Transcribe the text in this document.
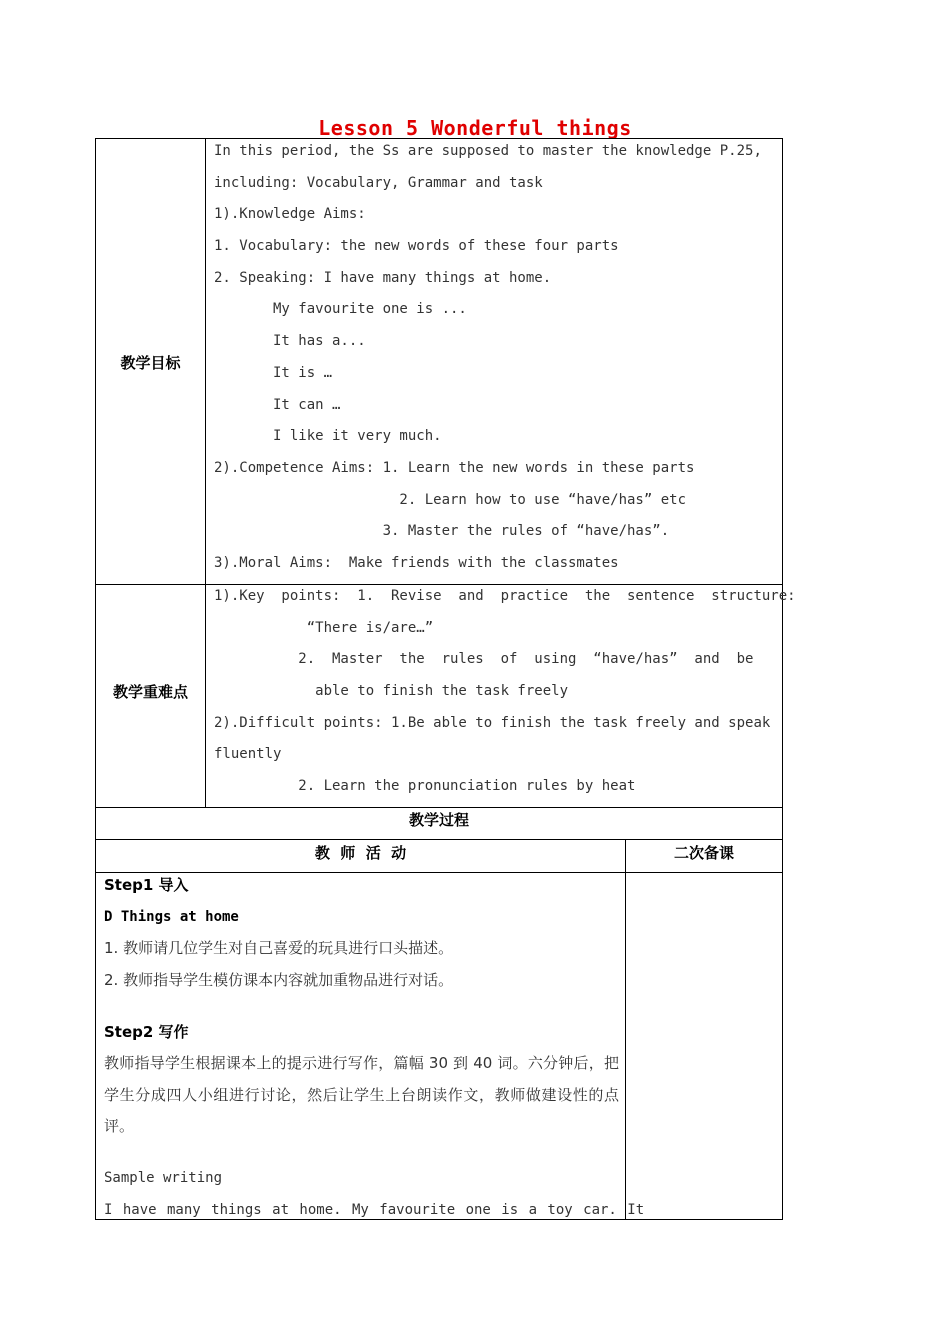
Lesson 5 Wonderful things
教学目标
In this period, the Ss are supposed to master the knowledge P.25,
including: Vocabulary, Grammar and task
1).Knowledge Aims:
1. Vocabulary: the new words of these four parts
2. Speaking: I have many things at home.
My favourite one is ...
It has a...
It is …
It can …
I like it very much.
2).Competence Aims: 1. Learn the new words in these parts
2. Learn how to use “have/has” etc
3. Master the rules of “have/has”.
3).Moral Aims:  Make friends with the classmates
教学重难点
1).Key  points:  1.  Revise  and  practice  the  sentence  structure:
“There is/are…”
2.  Master  the  rules  of  using  “have/has”  and  be
able to finish the task freely
2).Difficult points: 1.Be able to finish the task freely and speak
fluently
2. Learn the pronunciation rules by heat
教学过程
教  师  活  动	二次备课
Step1 导入
D Things at home
1. 教师请几位学生对自己喜爱的玩具进行口头描述。
2. 教师指导学生模仿课本内容就加重物品进行对话。
Step2 写作
教师指导学生根据课本上的提示进行写作，篇幅 30 到 40 词。六分钟后，把学生分成四人小组进行讨论，然后让学生上台朗读作文，教师做建设性的点评。
Sample writing
I have many things at home. My favourite one is a toy car. It
